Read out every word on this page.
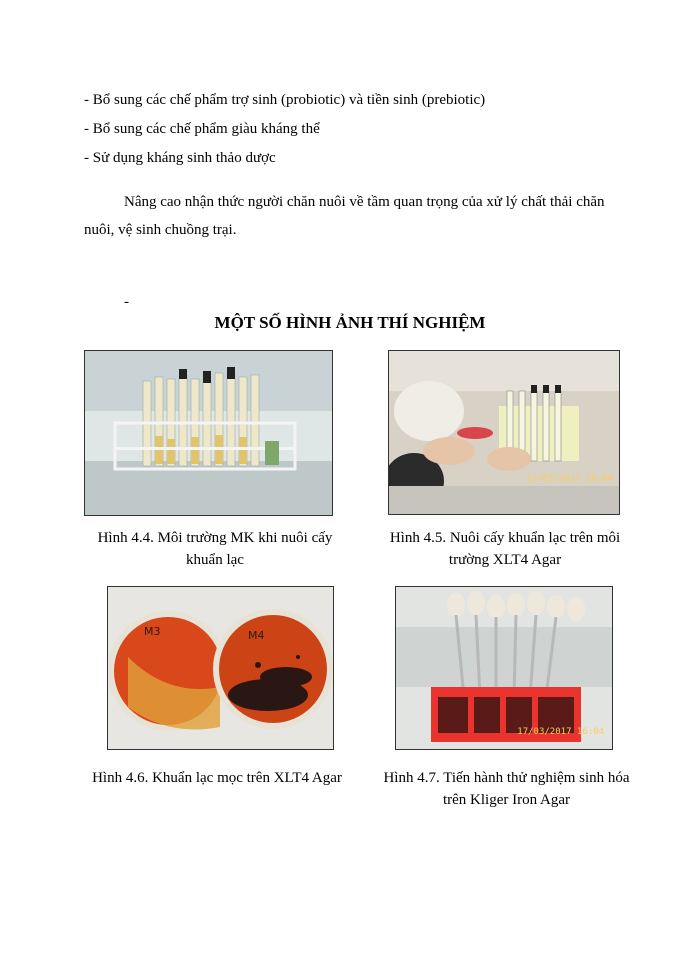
- Bổ sung các chế phẩm trợ sinh (probiotic) và tiền sinh (prebiotic)
- Bổ sung các chế phẩm giàu kháng thể
- Sử dụng kháng sinh thảo dược
Nâng cao nhận thức người chăn nuôi về tầm quan trọng của xử lý chất thải chăn nuôi, vệ sinh chuồng trại.
-
MỘT SỐ HÌNH ẢNH THÍ NGHIỆM
Hình 4.4. Môi trường MK khi nuôi cấy
khuẩn lạc
17/03/2017 16:04
Hình 4.5. Nuôi cấy khuẩn lạc trên môi
trường XLT4 Agar
M3	M4
Hình 4.6. Khuẩn lạc mọc trên XLT4 Agar
17/03/2017 16:04
Hình 4.7. Tiến hành thử nghiệm sinh hóa
trên Kliger Iron Agar
